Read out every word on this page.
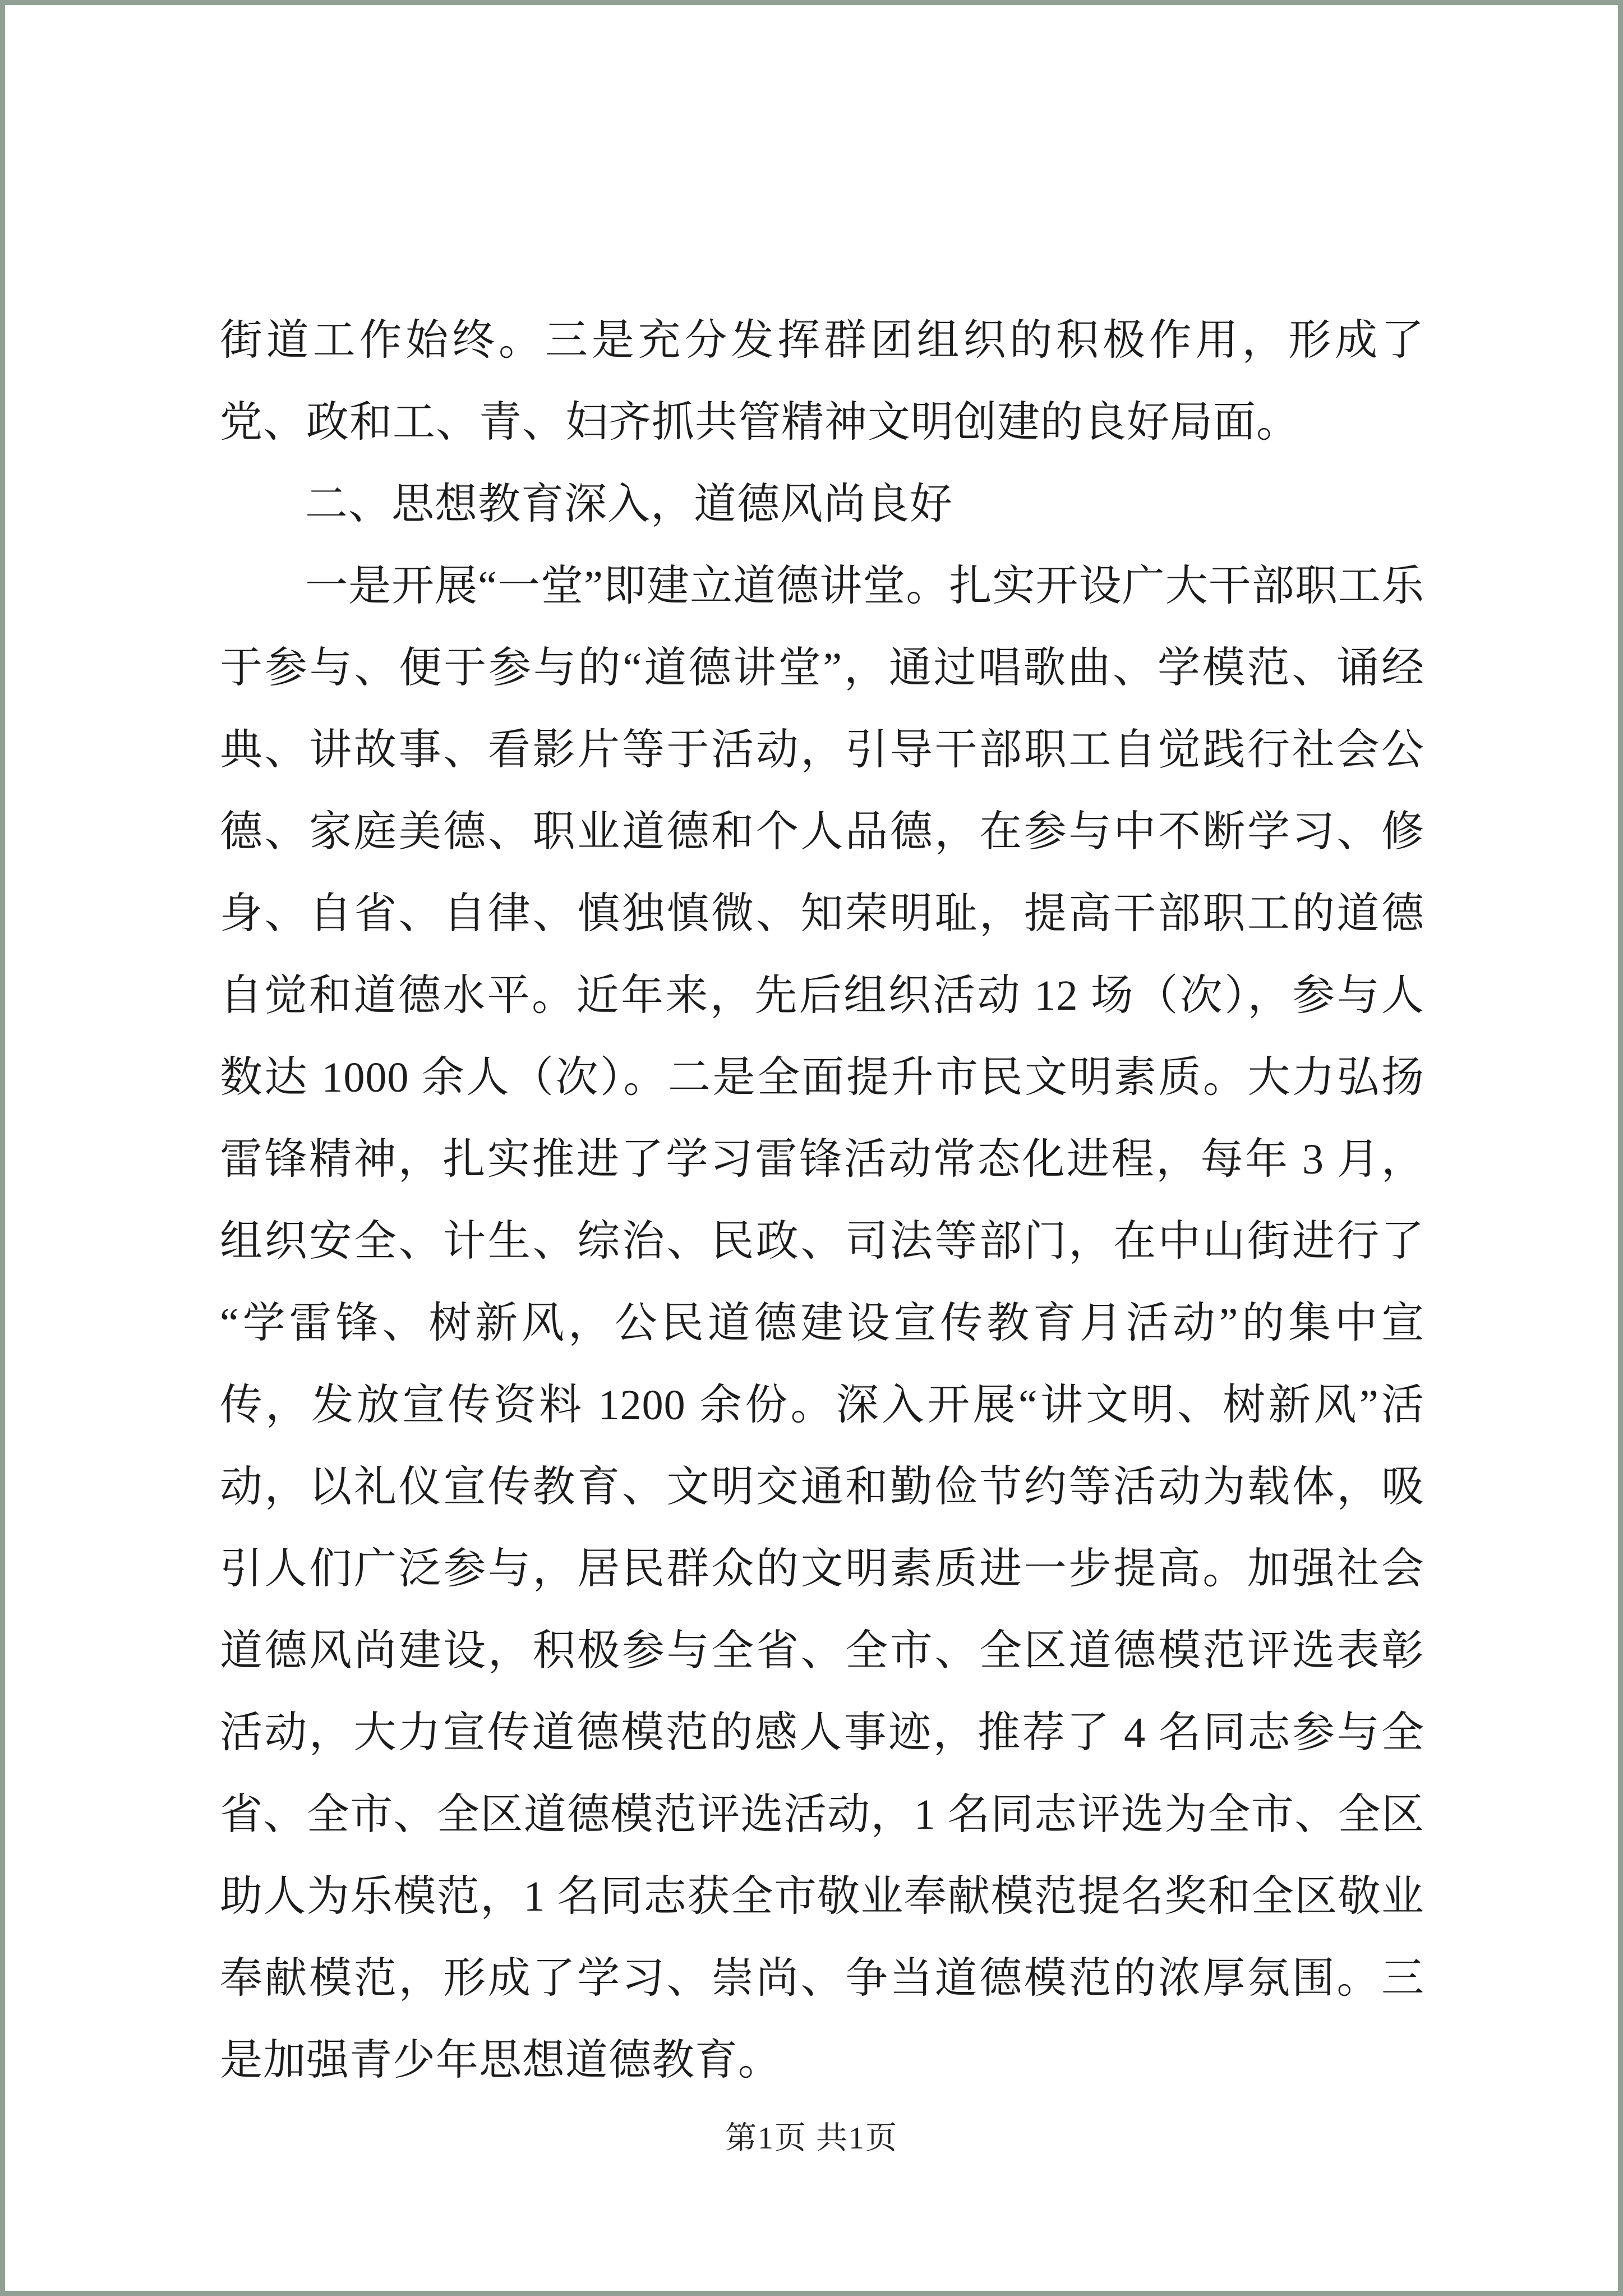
街道工作始终。三是充分发挥群团组织的积极作用，形成了党、政和工、青、妇齐抓共管精神文明创建的良好局面。

二、思想教育深入，道德风尚良好

一是开展“一堂”即建立道德讲堂。扎实开设广大干部职工乐于参与、便于参与的“道德讲堂”，通过唱歌曲、学模范、诵经典、讲故事、看影片等于活动，引导干部职工自觉践行社会公德、家庭美德、职业道德和个人品德，在参与中不断学习、修身、自省、自律、慎独慎微、知荣明耻，提高干部职工的道德自觉和道德水平。近年来，先后组织活动 12 场（次），参与人数达 1000 余人（次）。二是全面提升市民文明素质。大力弘扬雷锋精神，扎实推进了学习雷锋活动常态化进程，每年 3 月，组织安全、计生、综治、民政、司法等部门，在中山街进行了“学雷锋、树新风，公民道德建设宣传教育月活动”的集中宣传，发放宣传资料 1200 余份。深入开展“讲文明、树新风”活动，以礼仪宣传教育、文明交通和勤俭节约等活动为载体，吸引人们广泛参与，居民群众的文明素质进一步提高。加强社会道德风尚建设，积极参与全省、全市、全区道德模范评选表彰活动，大力宣传道德模范的感人事迹，推荐了 4 名同志参与全省、全市、全区道德模范评选活动，1 名同志评选为全市、全区助人为乐模范，1 名同志获全市敬业奉献模范提名奖和全区敬业奉献模范，形成了学习、崇尚、争当道德模范的浓厚氛围。三是加强青少年思想道德教育。

第1页 共1页
